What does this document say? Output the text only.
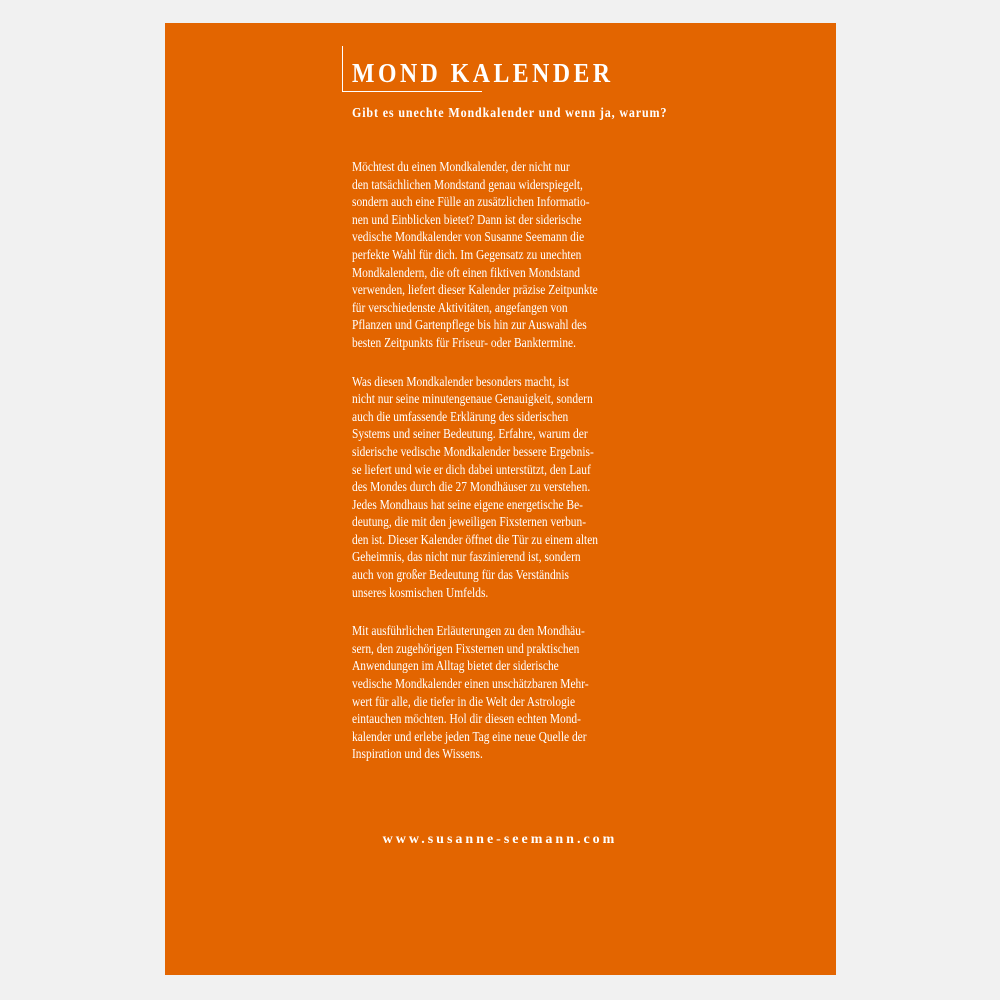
MOND KALENDER
Gibt es unechte Mondkalender und wenn ja, warum?
Möchtest du einen Mondkalender, der nicht nur
den tatsächlichen Mondstand genau widerspiegelt,
sondern auch eine Fülle an zusätzlichen Informatio-
nen und Einblicken bietet? Dann ist der siderische
vedische Mondkalender von Susanne Seemann die
perfekte Wahl für dich. Im Gegensatz zu unechten
Mondkalendern, die oft einen fiktiven Mondstand
verwenden, liefert dieser Kalender präzise Zeitpunkte
für verschiedenste Aktivitäten, angefangen von
Pflanzen und Gartenpflege bis hin zur Auswahl des
besten Zeitpunkts für Friseur- oder Banktermine.
Was diesen Mondkalender besonders macht, ist
nicht nur seine minutengenaue Genauigkeit, sondern
auch die umfassende Erklärung des siderischen
Systems und seiner Bedeutung. Erfahre, warum der
siderische vedische Mondkalender bessere Ergebnis-
se liefert und wie er dich dabei unterstützt, den Lauf
des Mondes durch die 27 Mondhäuser zu verstehen.
Jedes Mondhaus hat seine eigene energetische Be-
deutung, die mit den jeweiligen Fixsternen verbun-
den ist. Dieser Kalender öffnet die Tür zu einem alten
Geheimnis, das nicht nur faszinierend ist, sondern
auch von großer Bedeutung für das Verständnis
unseres kosmischen Umfelds.
Mit ausführlichen Erläuterungen zu den Mondhäu-
sern, den zugehörigen Fixsternen und praktischen
Anwendungen im Alltag bietet der siderische
vedische Mondkalender einen unschätzbaren Mehr-
wert für alle, die tiefer in die Welt der Astrologie
eintauchen möchten. Hol dir diesen echten Mond-
kalender und erlebe jeden Tag eine neue Quelle der
Inspiration und des Wissens.

www.susanne-seemann.com
